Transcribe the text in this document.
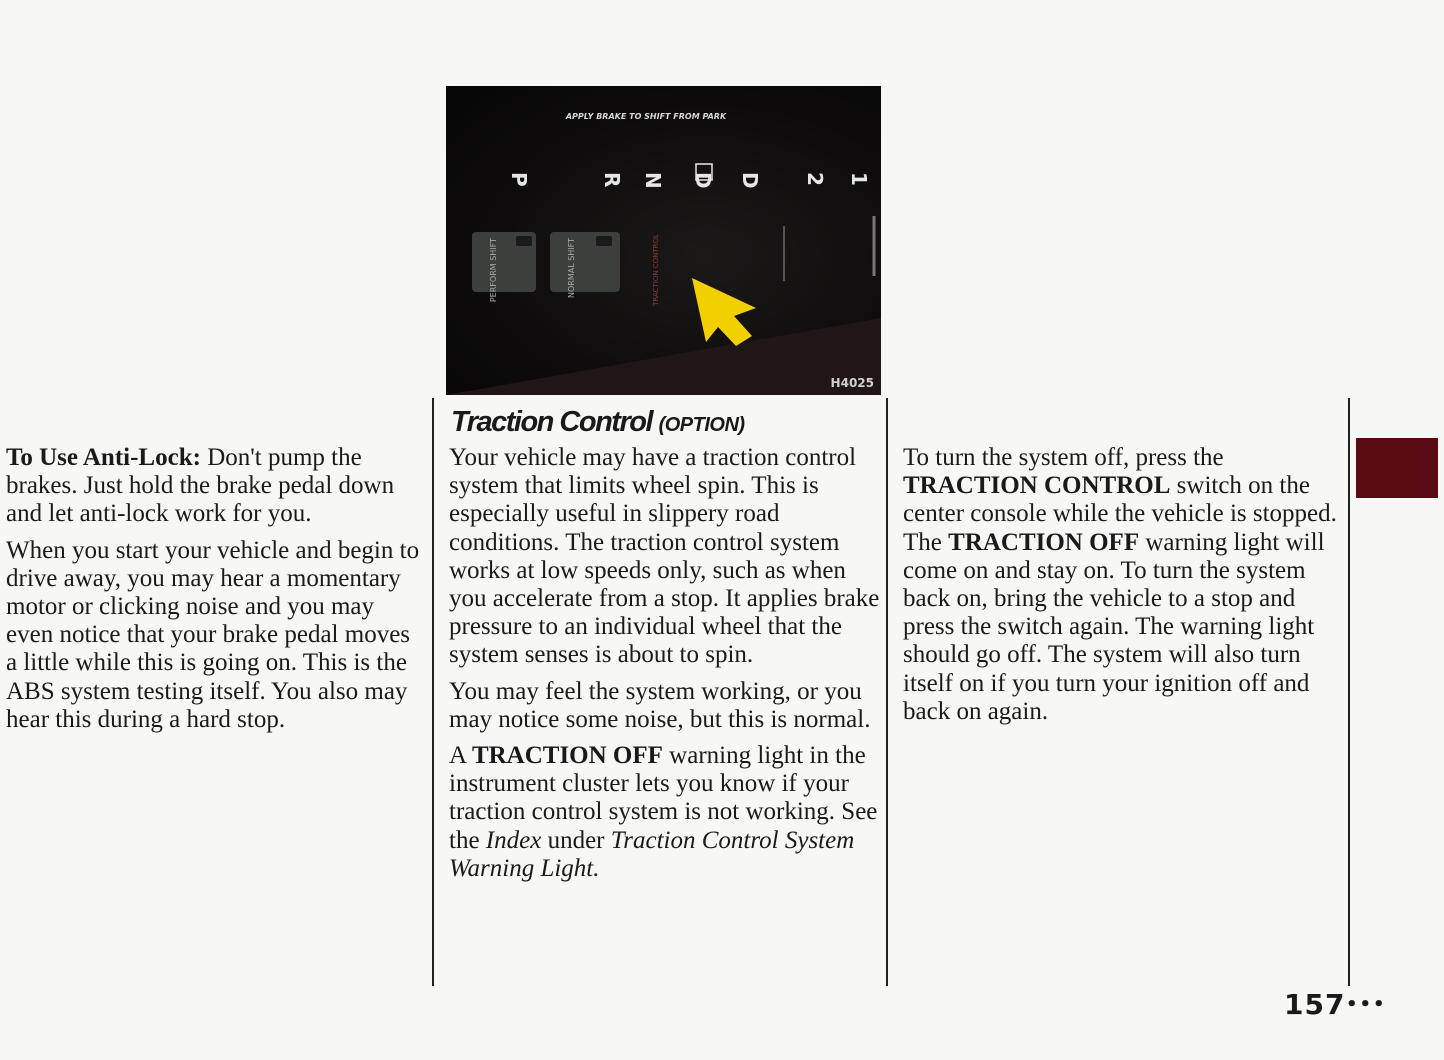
APPLY BRAKE TO SHIFT FROM PARK
P	R N D D 2 1
PERFORM SHIFT	NORMAL SHIFT	TRACTION CONTROL
H4025
Traction Control (OPTION)

To Use Anti-Lock: Don't pump the brakes. Just hold the brake pedal down and let anti-lock work for you.

When you start your vehicle and begin to drive away, you may hear a momentary motor or clicking noise and you may even notice that your brake pedal moves a little while this is going on. This is the ABS system testing itself. You also may hear this during a hard stop.

Your vehicle may have a traction control system that limits wheel spin. This is especially useful in slippery road conditions. The traction control system works at low speeds only, such as when you accelerate from a stop. It applies brake pressure to an individual wheel that the system senses is about to spin.

You may feel the system working, or you may notice some noise, but this is normal.

A TRACTION OFF warning light in the instrument cluster lets you know if your traction control system is not working. See the Index under Traction Control System Warning Light.

To turn the system off, press the TRACTION CONTROL switch on the center console while the vehicle is stopped. The TRACTION OFF warning light will come on and stay on. To turn the system back on, bring the vehicle to a stop and press the switch again. The warning light should go off. The system will also turn itself on if you turn your ignition off and back on again.

157 •••
